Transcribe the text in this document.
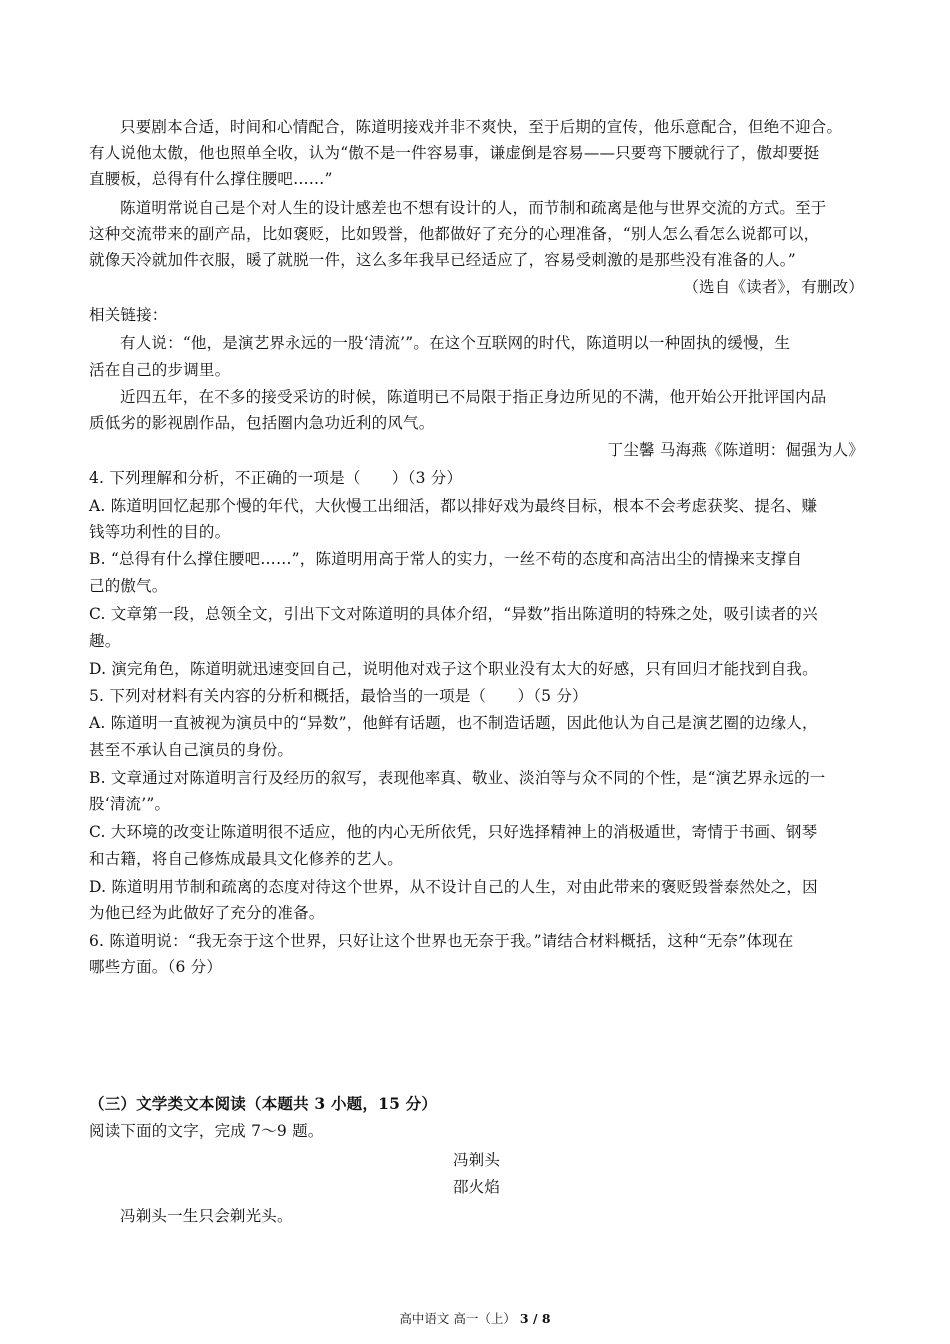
只要剧本合适，时间和心情配合，陈道明接戏并非不爽快，至于后期的宣传，他乐意配合，但绝不迎合。
有人说他太傲，他也照单全收，认为“傲不是一件容易事，谦虚倒是容易——只要弯下腰就行了，傲却要挺
直腰板，总得有什么撑住腰吧……”
陈道明常说自己是个对人生的设计感差也不想有设计的人，而节制和疏离是他与世界交流的方式。至于
这种交流带来的副产品，比如褒贬，比如毁誉，他都做好了充分的心理准备，“别人怎么看怎么说都可以，
就像天冷就加件衣服，暖了就脱一件，这么多年我早已经适应了，容易受刺激的是那些没有准备的人。”
（选自《读者》，有删改）
相关链接：
有人说：“他，是演艺界永远的一股‘清流’”。在这个互联网的时代，陈道明以一种固执的缓慢，生
活在自己的步调里。
近四五年，在不多的接受采访的时候，陈道明已不局限于指正身边所见的不满，他开始公开批评国内品
质低劣的影视剧作品，包括圈内急功近利的风气。
丁尘馨 马海燕《陈道明：倔强为人》
4. 下列理解和分析，不正确的一项是（　　）（3 分）
A. 陈道明回忆起那个慢的年代，大伙慢工出细活，都以排好戏为最终目标，根本不会考虑获奖、提名、赚
钱等功利性的目的。
B. “总得有什么撑住腰吧……”，陈道明用高于常人的实力，一丝不苟的态度和高洁出尘的情操来支撑自
己的傲气。
C. 文章第一段，总领全文，引出下文对陈道明的具体介绍，“异数”指出陈道明的特殊之处，吸引读者的兴
趣。
D. 演完角色，陈道明就迅速变回自己，说明他对戏子这个职业没有太大的好感，只有回归才能找到自我。
5. 下列对材料有关内容的分析和概括，最恰当的一项是（　　）（5 分）
A. 陈道明一直被视为演员中的“异数”，他鲜有话题，也不制造话题，因此他认为自己是演艺圈的边缘人，
甚至不承认自己演员的身份。
B. 文章通过对陈道明言行及经历的叙写，表现他率真、敬业、淡泊等与众不同的个性，是“演艺界永远的一
股‘清流’”。
C. 大环境的改变让陈道明很不适应，他的内心无所依凭，只好选择精神上的消极遁世，寄情于书画、钢琴
和古籍，将自己修炼成最具文化修养的艺人。
D. 陈道明用节制和疏离的态度对待这个世界，从不设计自己的人生，对由此带来的褒贬毁誉泰然处之，因
为他已经为此做好了充分的准备。
6. 陈道明说：“我无奈于这个世界，只好让这个世界也无奈于我。”请结合材料概括，这种“无奈”体现在
哪些方面。（6 分）
（三）文学类文本阅读（本题共 3 小题，15 分）
阅读下面的文字，完成 7～9 题。
冯剃头
邵火焰
冯剃头一生只会剃光头。
高中语文 高一（上） 3 / 8
